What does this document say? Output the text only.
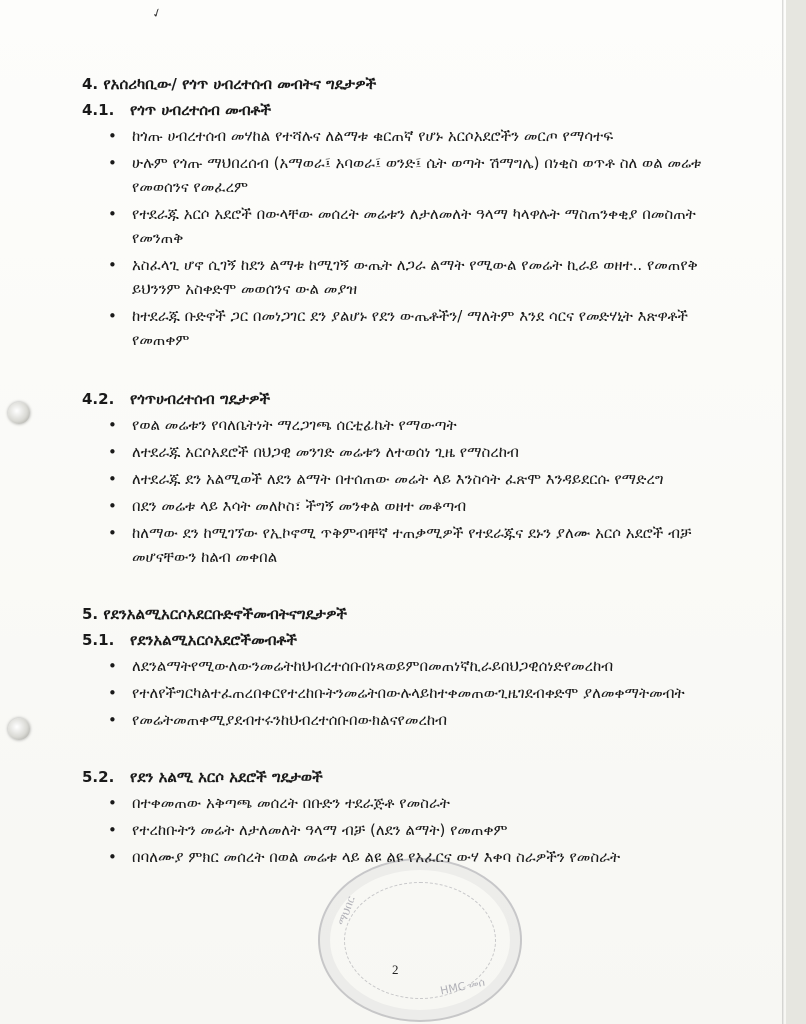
✓

4. የአሰሪካቢው/ የጎጥ ሀብረተሰብ መብትና ግዴታዎች

4.1.	የጎጥ ሀብረተሰብ መብቶች
• ከጎጡ ሀብረተሰብ መሃከል የተሻሉና ለልማቱ ቁርጠኛ የሆኑ አርሶአደሮችን መርጦ የማሳተፍ
• ሁሉም የጎጡ ማህበረሰብ (አማወራ፤ አባወራ፤ ወንድ፤ ሴት ወጣት ሽማግሌ) በነቂስ ወጥቶ ስለ ወል መሬቱ የመወሰንና የመፈረም
• የተደራጁ አርሶ አደሮች በውላቸው መሰረት መሬቱን ለታለመለት ዓላማ ካላዋሉት ማስጠንቀቂያ በመስጠት የመንጠቅ
• አስፈላጊ ሆኖ ሲገኝ ከደን ልማቱ ከሚገኝ ውጤት ለጋራ ልማት የሚውል የመሬት ኪራይ ወዘተ.. የመጠየቅ ይህንንም አስቀድሞ መወሰንና ውል መያዝ
• ከተደራጁ ቡድኖች ጋር በመነጋገር ደን ያልሆኑ የደን ውጤቶችን/ ማለትም እንደ ሳርና የመድሃኒት እጽዋቶች የመጠቀም
4.2.	የጎጥሀብረተሰብ ግዴታዎች
• የወል መሬቱን የባለቤትነት ማረጋገጫ ሰርቲፊኬት የማውጣት
• ለተደራጁ አርሶአደሮች በህጋዊ መንገድ መሬቱን ለተወሰነ ጊዜ የማስረከብ
• ለተደራጁ ደን አልሚወች ለደን ልማት በተሰጠው መሬት ላይ እንስሳት ፈጽሞ እንዳይደርሱ የማድረግ
• በደን መሬቱ ላይ እሳት መለኮስ፣ ችግኝ መንቀል ወዘተ መቆጣብ
• ከለማው ደን ከሚገኘው የኢኮኖሚ ጥቅምብቸኛ ተጠቃሚዎች የተደራጁና ደኑን ያለሙ አርሶ አደሮች ብቻ መሆናቸውን ከልብ መቀበል

5. የደንአልሚአርሶአደርቡድኖችመብትናግዴታዎች

5.1.	የደንአልሚአርሶአደሮችመብቶች
• ለደንልማትየሚውለውንመሬትከህብረተሰቡበነጻወይምበመጠነኛኪራይበህጋዊሰነድየመረከብ
• የተለየችግርካልተፈጠረበቀርየተረከቡትንመሬትበውሉላይከተቀመጠውጊዜገደብቀድሞ ያለመቀማትመብት
• የመሬትመጠቀሚያደብተሩንከህብረተሰቡበውክልናየመረከብ
5.2.	የደን አልሚ አርሶ አደሮች ግዴታወች
• በተቀመጠው አቅጣጫ መሰረት በቡድን ተደራጅቶ የመስራት
• የተረከቡትን መሬት ለታለመለት ዓላማ ብቻ (ለደን ልማት) የመጠቀም
• በባለሙያ ምክር መሰረት በወል መሬቱ ላይ ልዩ ልዩ የአፈርና ውሃ እቀባ ስራዎችን የመስራት
HMC መሰ
ማህበር
2
